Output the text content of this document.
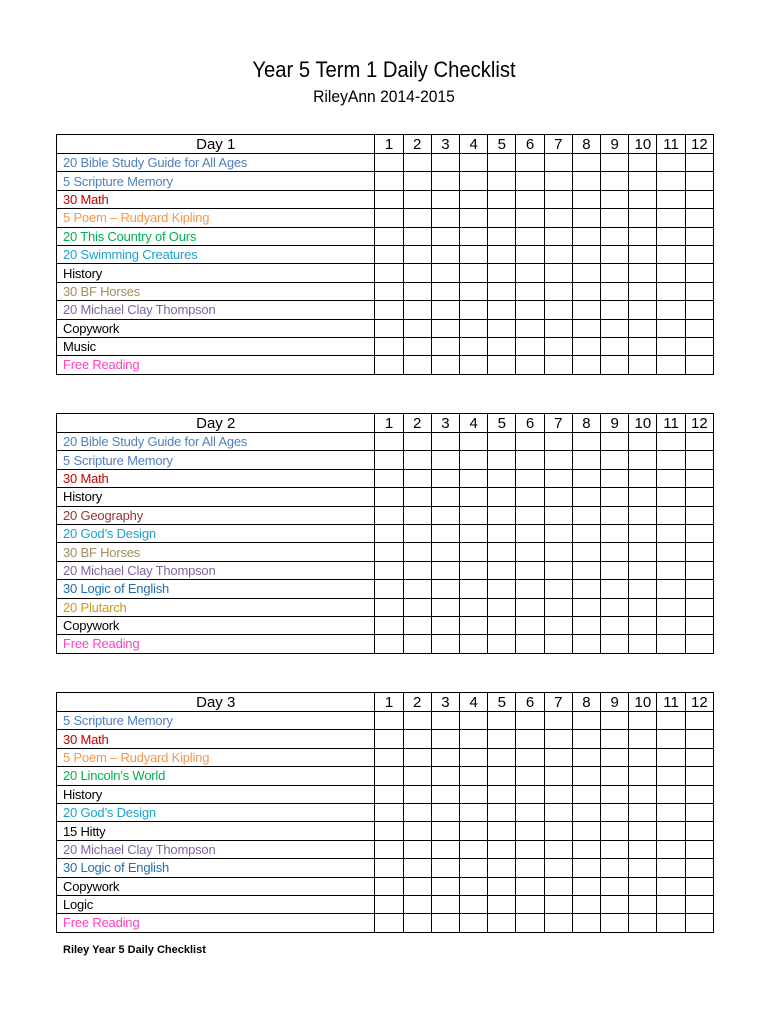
Year 5 Term 1 Daily Checklist
RileyAnn 2014-2015
Day 1	1	2	3	4	5	6	7	8	9	10	11	12
20 Bible Study Guide for All Ages												
5 Scripture Memory												
30 Math												
5 Poem – Rudyard Kipling												
20 This Country of Ours												
20 Swimming Creatures												
History												
30 BF Horses												
20 Michael Clay Thompson												
Copywork												
Music												
Free Reading												
Day 2	1	2	3	4	5	6	7	8	9	10	11	12
20 Bible Study Guide for All Ages												
5 Scripture Memory												
30 Math												
History												
20 Geography												
20 God’s Design												
30 BF Horses												
20 Michael Clay Thompson												
30 Logic of English												
20 Plutarch												
Copywork												
Free Reading												
Day 3	1	2	3	4	5	6	7	8	9	10	11	12
5 Scripture Memory												
30 Math												
5 Poem – Rudyard Kipling												
20 Lincoln’s World												
History												
20 God’s Design												
15 Hitty												
20 Michael Clay Thompson												
30 Logic of English												
Copywork												
Logic												
Free Reading												
Riley Year 5 Daily Checklist
